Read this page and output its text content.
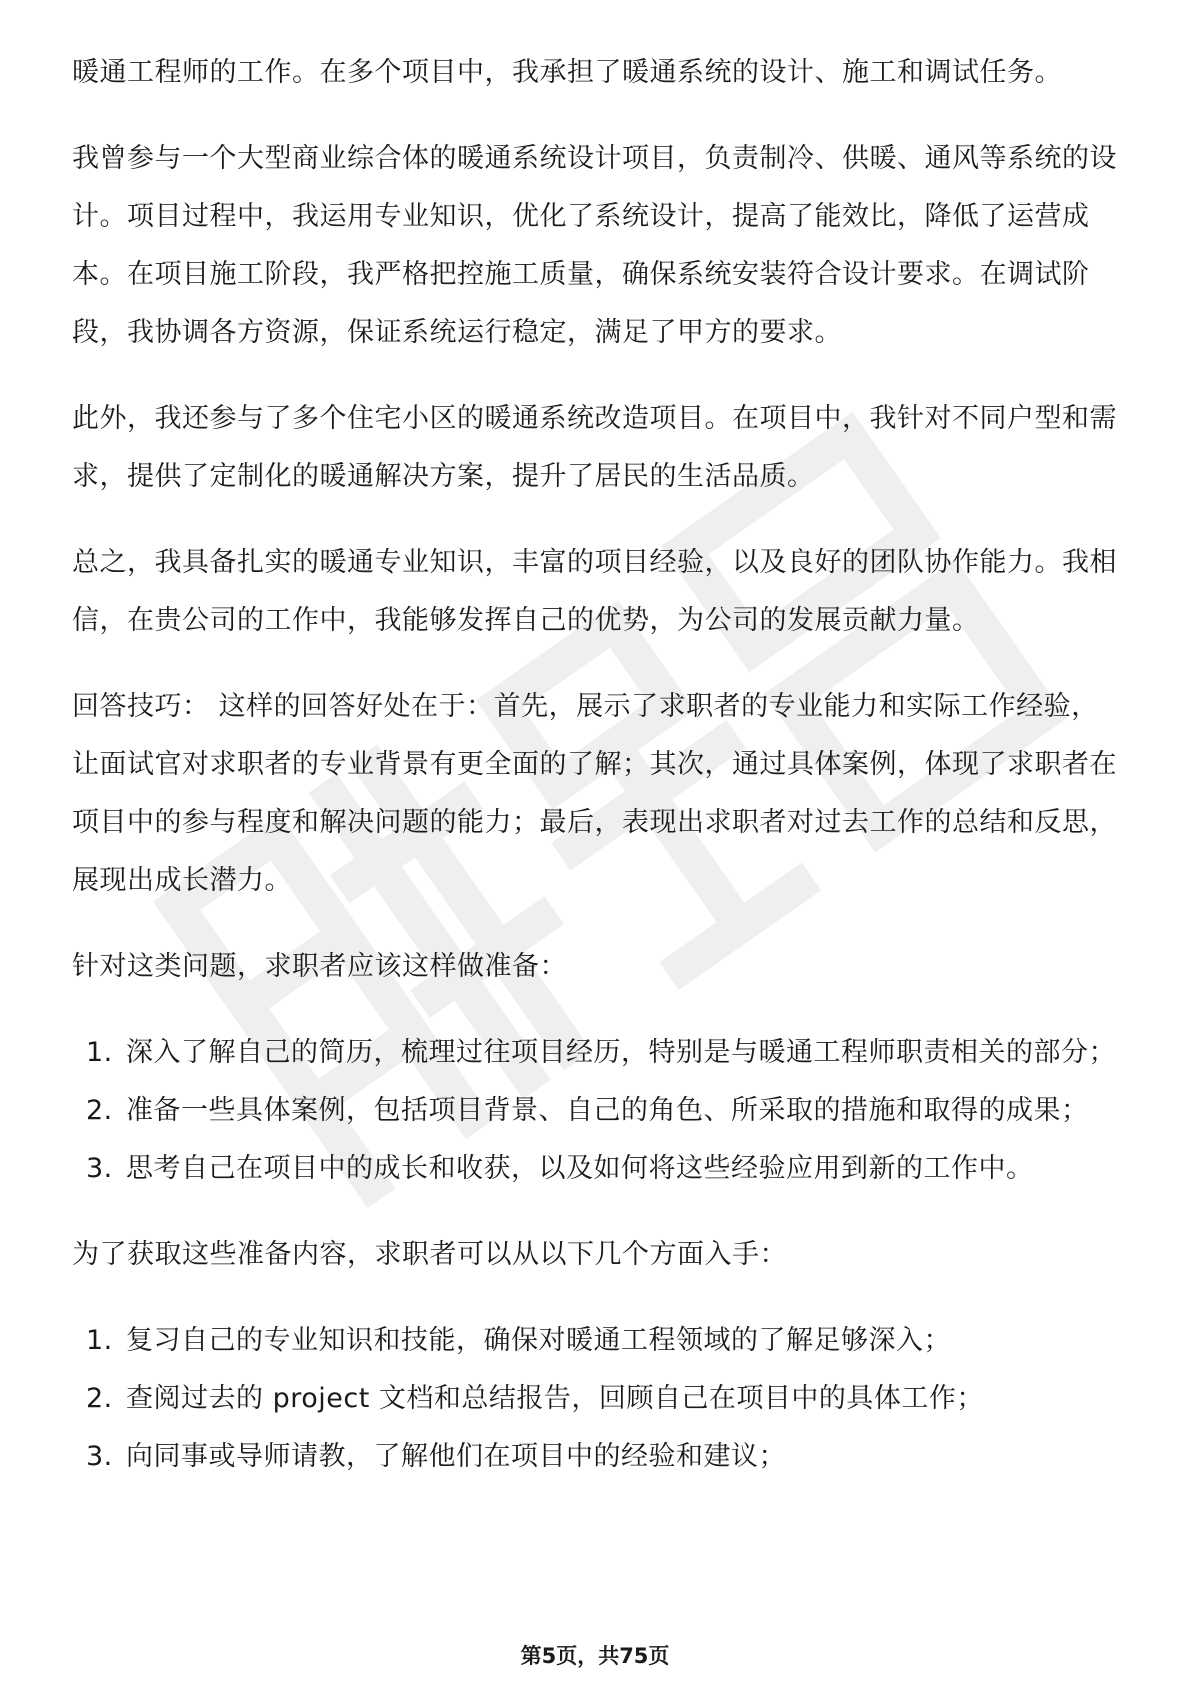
暖通工程师的工作。在多个项目中，我承担了暖通系统的设计、施工和调试任务。

我曾参与一个大型商业综合体的暖通系统设计项目，负责制冷、供暖、通风等系统的设计。项目过程中，我运用专业知识，优化了系统设计，提高了能效比，降低了运营成本。在项目施工阶段，我严格把控施工质量，确保系统安装符合设计要求。在调试阶段，我协调各方资源，保证系统运行稳定，满足了甲方的要求。

此外，我还参与了多个住宅小区的暖通系统改造项目。在项目中，我针对不同户型和需求，提供了定制化的暖通解决方案，提升了居民的生活品质。

总之，我具备扎实的暖通专业知识，丰富的项目经验，以及良好的团队协作能力。我相信，在贵公司的工作中，我能够发挥自己的优势，为公司的发展贡献力量。

回答技巧： 这样的回答好处在于：首先，展示了求职者的专业能力和实际工作经验，让面试官对求职者的专业背景有更全面的了解；其次，通过具体案例，体现了求职者在项目中的参与程度和解决问题的能力；最后，表现出求职者对过去工作的总结和反思，展现出成长潜力。

针对这类问题，求职者应该这样做准备：

1. 深入了解自己的简历，梳理过往项目经历，特别是与暖通工程师职责相关的部分；
2. 准备一些具体案例，包括项目背景、自己的角色、所采取的措施和取得的成果；
3. 思考自己在项目中的成长和收获，以及如何将这些经验应用到新的工作中。

为了获取这些准备内容，求职者可以从以下几个方面入手：

1. 复习自己的专业知识和技能，确保对暖通工程领域的了解足够深入；
2. 查阅过去的 project 文档和总结报告，回顾自己在项目中的具体工作；
3. 向同事或导师请教，了解他们在项目中的经验和建议；
第5页，共75页
